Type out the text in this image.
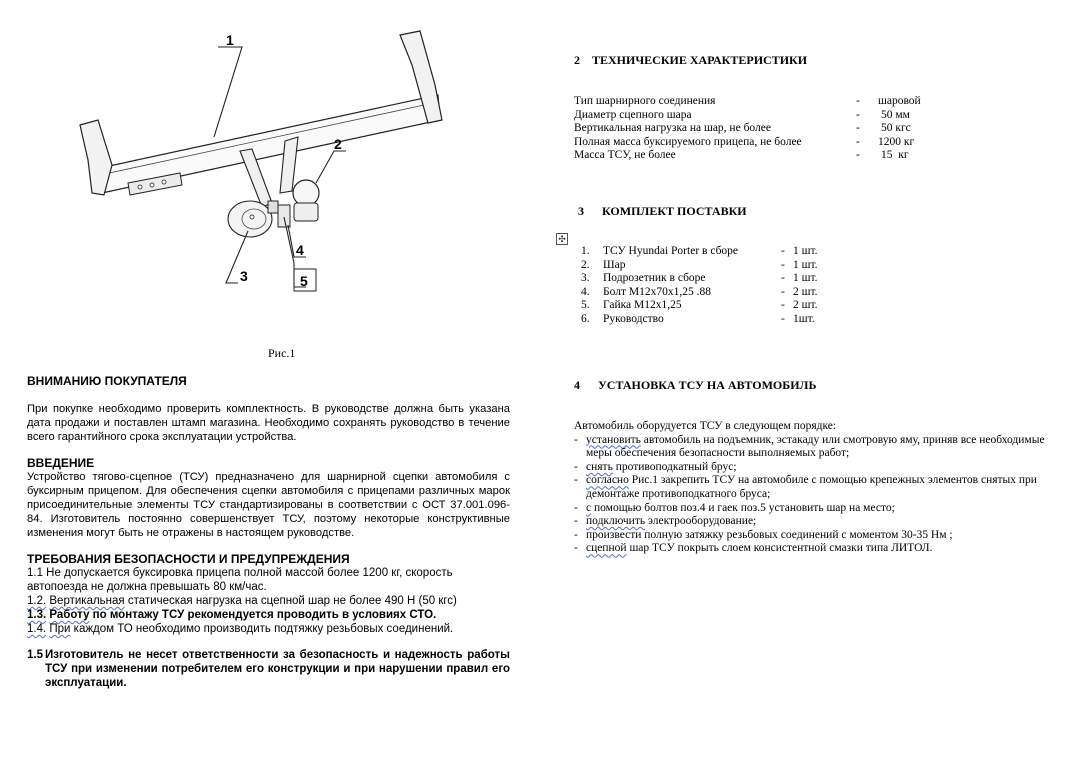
1
2
3
4
5
Рис.1
ВНИМАНИЮ ПОКУПАТЕЛЯ

При покупке необходимо проверить комплектность. В руководстве должна быть указана дата продажи и поставлен штамп магазина. Необходимо сохранять руководство в течение всего гарантийного срока эксплуатации устройства.

ВВЕДЕНИЕ

Устройство тягово-сцепное (ТСУ) предназначено для шарнирной сцепки автомобиля с буксирным прицепом. Для обеспечения сцепки автомобиля с прицепами различных марок присоединительные элементы ТСУ стандартизированы в соответствии с ОСТ 37.001.096-84. Изготовитель постоянно совершенствует ТСУ, поэтому некоторые конструктивные изменения могут быть не отражены в настоящем руководстве.

ТРЕБОВАНИЯ БЕЗОПАСНОСТИ И ПРЕДУПРЕЖДЕНИЯ

1.1 Не допускается буксировка прицепа полной массой более 1200 кг, скорость автопоезда не должна превышать 80 км/час.

1.2. Вертикальная статическая нагрузка на сцепной шар не более 490 Н (50 кгс)

1.3. Работу по монтажу ТСУ рекомендуется проводить в условиях СТО.

1.4. При каждом ТО необходимо производить подтяжку резьбовых соединений.

1.5 Изготовитель не несет ответственности за безопасность и надежность работы ТСУ при изменении потребителем его конструкции и при нарушении правил его эксплуатации.
2    ТЕХНИЧЕСКИЕ ХАРАКТЕРИСТИКИ
Тип шарнирного соединения	-	шаровой
Диаметр сцепного шара	-	50 мм
Вертикальная нагрузка на шар, не более	-	50 кгс
Полная масса буксируемого прицепа, не более	-	1200 кг
Масса ТСУ, не более	-	15  кг
3      КОМПЛЕКТ ПОСТАВКИ
✣
1.	ТСУ Hyundai Porter в сборе	- 1 шт.
2.	Шар	- 1 шт.
3.	Подрозетник в сборе	- 1 шт.
4.	Болт М12х70х1,25 .88	- 2 шт.
5.	Гайка М12х1,25	- 2 шт.
6.	Руководство	- 1шт.
4      УСТАНОВКА ТСУ НА АВТОМОБИЛЬ
Автомобиль оборудуется ТСУ в следующем порядке:
- установить автомобиль на подъемник, эстакаду или смотровую яму, приняв все необходимые меры обеспечения безопасности выполняемых работ;
- снять противоподкатный брус;
- согласно Рис.1 закрепить ТСУ на автомобиле с помощью крепежных элементов снятых при демонтаже противоподкатного бруса;
- с помощью болтов поз.4 и гаек поз.5 установить шар на место;
- подключить электрооборудование;
- произвести полную затяжку резьбовых соединений с моментом 30-35 Нм ;
- сцепной шар ТСУ покрыть слоем консистентной смазки типа ЛИТОЛ.
